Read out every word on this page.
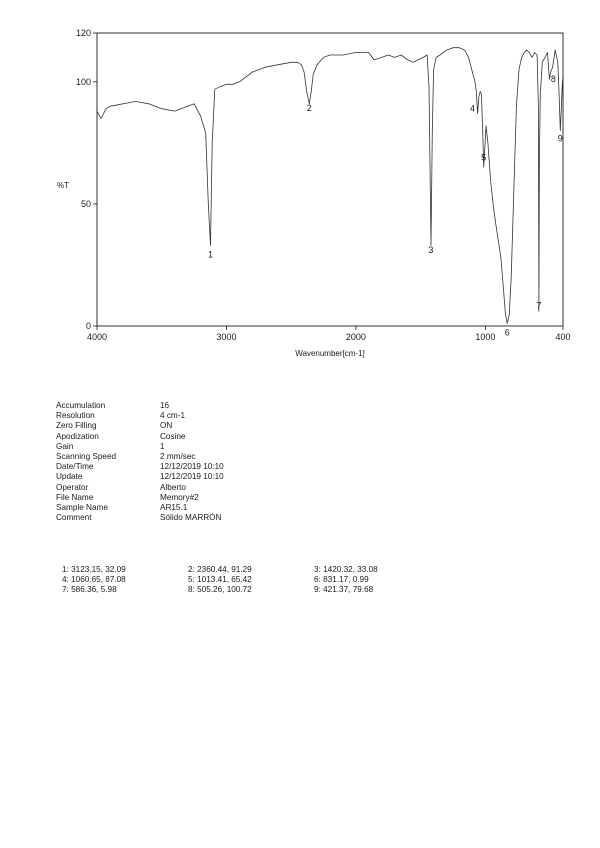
4000	3000	2000	1000	400
0
50
100
120
1
2
3
4
5
6
7
8
9
%T
Wavenumber[cm-1]
Accumulation	16
Resolution	4 cm-1
Zero Filling	ON
Apodization	Cosine
Gain	1
Scanning Speed	2 mm/sec
Date/Time	12/12/2019 10:10
Update	12/12/2019 10:10
Operator	Alberto
File Name	Memory#2
Sample Name	AR15.1
Comment	Sólido MARRÓN
1: 3123.15, 32.09	2: 2360.44, 91.29	3: 1420.32, 33.08
4: 1060.65, 87.08	5: 1013.41, 65.42	6: 831.17, 0.99
7: 586.36, 5.98	8: 505.26, 100.72	9: 421.37, 79.68
